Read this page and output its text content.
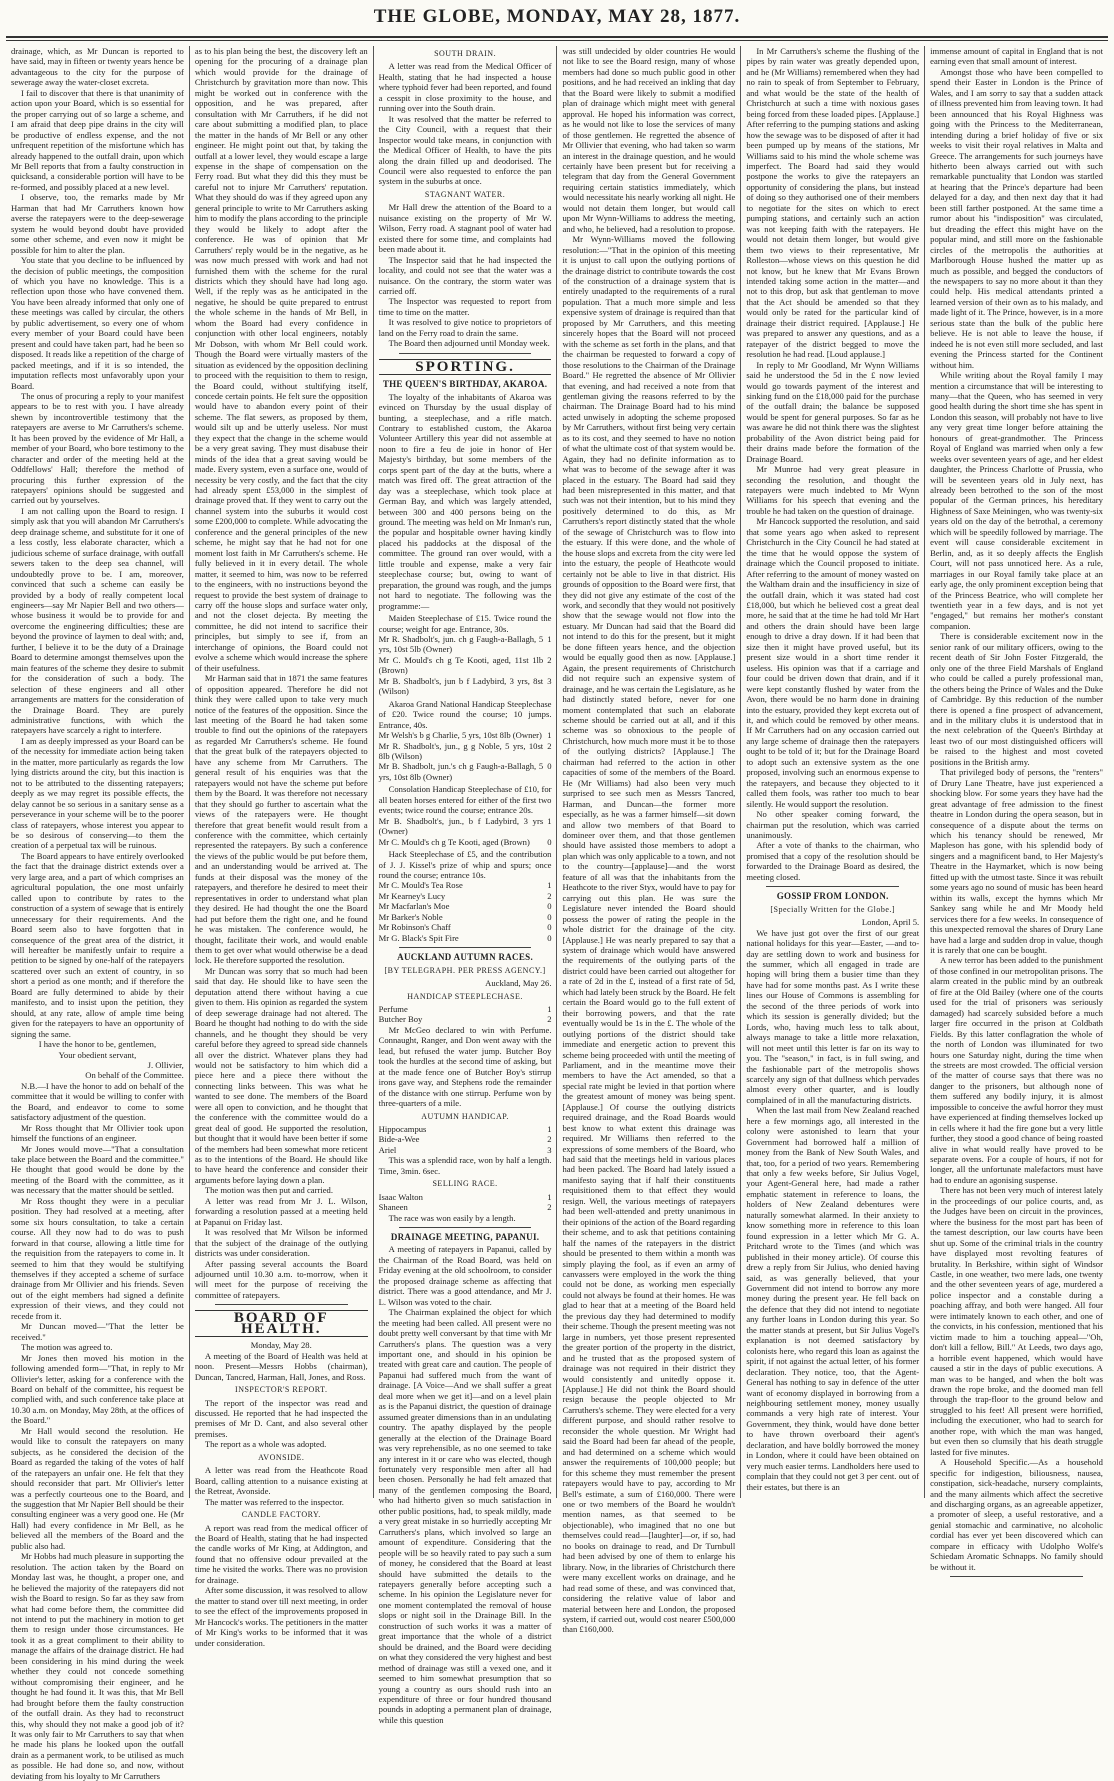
THE GLOBE, MONDAY, MAY 28, 1877.

drainage, which, as Mr Duncan is reported to have said, may in fifteen or twenty years hence be advantageous to the city for the purpose of sewerage away the water-closet excreta.

I fail to discover that there is that unanimity of action upon your Board, which is so essential for the proper carrying out of so large a scheme, and I am afraid that deep pipe drains in the city will be productive of endless expense, and the not unfrequent repetition of the misfortune which has already happened to the outfall drain, upon which Mr Bell reports that from a faulty construction in quicksand, a considerable portion will have to be re-formed, and possibly placed at a new level.

I observe, too, the remarks made by Mr Harman that had Mr Carruthers known how averse the ratepayers were to the deep-sewerage system he would beyond doubt have provided some other scheme, and even now it might be possible for him to alter the plan.

You state that you decline to be influenced by the decision of public meetings, the composition of which you have no knowledge. This is a reflection upon those who have convened them. You have been already informed that only one of these meetings was called by circular, the others by public advertisement, so every one of whom every member of your Board could have been present and could have taken part, had he been so disposed. It reads like a repetition of the charge of packed meetings, and if it is so intended, the imputation reflects most unfavorably upon your Board.

The onus of procuring a reply to your manifest appears to be to rest with you. I have already shewn by incontrovertible testimony that the ratepayers are averse to Mr Carruthers's scheme. It has been proved by the evidence of Mr Hall, a member of your Board, who bore testimony to the character and order of the meeting held at the Oddfellows' Hall; therefore the method of procuring this further expression of the ratepayers' opinions should be suggested and carried out by yourselves.

I am not calling upon the Board to resign. I simply ask that you will abandon Mr Carruthers's deep drainage scheme, and substitute for it one of a less costly, less elaborate character, which a judicious scheme of surface drainage, with outfall sewers taken to the deep sea channel, will undoubtedly prove to be. I am, moreover, convinced that such a scheme can easily be provided by a body of really competent local engineers—say Mr Napier Bell and two others—whose business it would be to provide for and overcome the engineering difficulties; these are beyond the province of laymen to deal with; and, further, I believe it to be the duty of a Drainage Board to determine amongst themselves upon the main features of the scheme they desire to submit for the consideration of such a body. The selection of these engineers and all other arrangements are matters for the consideration of the Drainage Board. They are purely administrative functions, with which the ratepayers have scarcely a right to interfere.

I am as deeply impressed as your Board can be of the necessity for immediate action being taken in the matter, more particularly as regards the low lying districts around the city, but this inaction is not to be attributed to the dissenting ratepayers; deeply as we may regret its possible effects, the delay cannot be so serious in a sanitary sense as a perseverance in your scheme will be to the poorer class of ratepayers, whose interest you appear to be so desirous of conserving—to them the creation of a perpetual tax will be ruinous.

The Board appears to have entirely overlooked the fact that the drainage district extends over a very large area, and a part of which comprises an agricultural population, the one most unfairly called upon to contribute by rates to the construction of a system of sewage that is entirely unnecessary for their requirements. And the Board seem also to have forgotten that in consequence of the great area of the district, it will hereafter be manifestly unfair to require a petition to be signed by one-half of the ratepayers scattered over such an extent of country, in so short a period as one month; and if therefore the Board are fully determined to abide by their manifesto, and to insist upon the petition, they should, at any rate, allow of ample time being given for the ratepayers to have an opportunity of signing the same.

I have the honor to be, gentlemen,

Your obedient servant,

J. Ollivier,

On behalf of the Committee.

N.B.—I have the honor to add on behalf of the committee that it would be willing to confer with the Board, and endeavor to come to some satisfactory adjustment of the question.

Mr Ross thought that Mr Ollivier took upon himself the functions of an engineer.

Mr Jones would move—"That a consultation take place between the Board and the committee." He thought that good would be done by the meeting of the Board with the committee, as it was necessary that the matter should be settled.

Mr Ross thought they were in a peculiar position. They had resolved at a meeting, after some six hours consultation, to take a certain course. All they now had to do was to push forward in that course, allowing a little time for the requisition from the ratepayers to come in. It seemed to him that they would be stultifying themselves if they accepted a scheme of surface drainage from Mr Ollivier and his friends. Seven out of the eight members had signed a definite expression of their views, and they could not recede from it.

Mr Duncan moved—"That the letter be received."

The motion was agreed to.

Mr Jones then moved his motion in the following amended form—"That, in reply to Mr Ollivier's letter, asking for a conference with the Board on behalf of the committee, his request be complied with, and such conference take place at 10.30 a.m. on Monday, May 28th, at the offices of the Board."

Mr Hall would second the resolution. He would like to consult the ratepayers on many subjects, as he considered the decision of the Board as regarded the taking of the votes of half of the ratepayers an unfair one. He felt that they should reconsider that part. Mr Ollivier's letter was a perfectly courteous one to the Board, and the suggestion that Mr Napier Bell should be their consulting engineer was a very good one. He (Mr Hall) had every confidence in Mr Bell, as he believed all the members of the Board and the public also had.

Mr Hobbs had much pleasure in supporting the resolution. The action taken by the Board on Monday last was, he thought, a proper one, and he believed the majority of the ratepayers did not wish the Board to resign. So far as they saw from what had come before them, the committee did not intend to put the machinery in motion to get them to resign under those circumstances. He took it as a great compliment to their ability to manage the affairs of the drainage district. He had been considering in his mind during the week whether they could not concede something without compromising their engineer, and he thought he had found it. It was this, that Mr Bell had brought before them the faulty construction of the outfall drain. As they had to reconstruct this, why should they not make a good job of it? It was only fair to Mr Carruthers to say that when he made his plans he looked upon the outfall drain as a permanent work, to be utilised as much as possible. He had done so, and now, without deviating from his loyalty to Mr Carruthers

as to his plan being the best, the discovery left an opening for the procuring of a drainage plan which would provide for the drainage of Christchurch by gravitation more than now. This might be worked out in conference with the opposition, and he was prepared, after consultation with Mr Carruthers, if he did not care about submitting a modified plan, to place the matter in the hands of Mr Bell or any other engineer. He might point out that, by taking the outfall at a lower level, they would escape a large expense in the shape of compensation on the Ferry road. But what they did this they must be careful not to injure Mr Carruthers' reputation. What they should do was if they agreed upon any general principle to write to Mr Carruthers asking him to modify the plans according to the principle they would be likely to adopt after the conference. He was of opinion that Mr Carruthers' reply would be in the negative, as he was now much pressed with work and had not furnished them with the scheme for the rural districts which they should have had long ago. Well, if the reply was as he anticipated in the negative, he should be quite prepared to entrust the whole scheme in the hands of Mr Bell, in whom the Board had every confidence in conjunction with other local engineers, notably Mr Dobson, with whom Mr Bell could work. Though the Board were virtually masters of the situation as evidenced by the opposition declining to proceed with the requisition to them to resign, the Board could, without stultifying itself, concede certain points. He felt sure the opposition would have to abandon every point of their scheme. The flat sewers, as proposed by them, would silt up and be utterly useless. Nor must they expect that the change in the scheme would be a very great saving. They must disabuse their minds of the idea that a great saving would be made. Every system, even a surface one, would of necessity be very costly, and the fact that the city had already spent £53,000 in the simplest of drainage proved that. If they went to carry out the channel system into the suburbs it would cost some £200,000 to complete. While advocating the conference and the general principles of the new scheme, he might say that he had not for one moment lost faith in Mr Carruthers's scheme. He fully believed in it in every detail. The whole matter, it seemed to him, was now to be referred to the engineers, with no instructions beyond the request to provide the best system of drainage to carry off the house slops and surface water only, and not the closet dejecta. By meeting the committee, he did not intend to sacrifice their principles, but simply to see if, from an interchange of opinions, the Board could not evolve a scheme which would increase the sphere of their usefulness.

Mr Harman said that in 1871 the same features of opposition appeared. Therefore he did not think they were called upon to take very much notice of the features of the opposition. Since the last meeting of the Board he had taken some trouble to find out the opinions of the ratepayers as regarded Mr Carruthers's scheme. He found that the great bulk of the ratepayers objected to have any scheme from Mr Carruthers. The general result of his enquiries was that the ratepayers would not have the scheme put before them by the Board. It was therefore not necessary that they should go further to ascertain what the views of the ratepayers were. He thought therefore that great benefit would result from a conference with the committee, which certainly represented the ratepayers. By such a conference the views of the public would be put before them, and an understanding would be arrived at. The funds at their disposal was the money of the ratepayers, and therefore he desired to meet their representatives in order to understand what plan they desired. He had thought the one the Board had put before them the right one, and he found he was mistaken. The conference would, he thought, facilitate their work, and would enable them to get over what would otherwise be a dead lock. He therefore supported the resolution.

Mr Duncan was sorry that so much had been said that day. He should like to have seen the deputation attend there without having a cue given to them. His opinion as regarded the system of deep sewerage drainage had not altered. The Board he thought had nothing to do with the side channels, and he thought they should be very careful before they agreed to spread side channels all over the district. Whatever plans they had would not be satisfactory to him which did a piece here and a piece there without the connecting links between. This was what he wanted to see done. The members of the Board were all open to conviction, and he thought that the conference with the committee would do a great deal of good. He supported the resolution, but thought that it would have been better if some of the members had been somewhat more reticent as to the intentions of the Board. He should like to have heard the conference and consider their arguments before laying down a plan.

The motion was then put and carried.

A letter was read from Mr J. L. Wilson, forwarding a resolution passed at a meeting held at Papanui on Friday last.

It was resolved that Mr Wilson be informed that the subject of the drainage of the outlying districts was under consideration.

After passing several accounts the Board adjourned until 10.30 a.m. to-morrow, when it will meet for the purpose of receiving the committee of ratepayers.

BOARD OF HEALTH.

Monday, May 28.

A meeting of the Board of Health was held at noon. Present—Messrs Hobbs (chairman), Duncan, Tancred, Harman, Hall, Jones, and Ross.

INSPECTOR'S REPORT.

The report of the inspector was read and discussed. He reported that he had inspected the premises of Mr D. Cant, and also several other premises.

The report as a whole was adopted.

AVONSIDE.

A letter was read from the Heathcote Road Board, calling attention to a nuisance existing at the Retreat, Avonside.

The matter was referred to the inspector.

CANDLE FACTORY.

A report was read from the medical officer of the Board of Health, stating that he had inspected the candle works of Mr King, at Addington, and found that no offensive odour prevailed at the time he visited the works. There was no provision for drainage.

After some discussion, it was resolved to allow the matter to stand over till next meeting, in order to see the effect of the improvements proposed in Mr Hancock's works. The petitioners in the matter of Mr King's works to be informed that it was under consideration.

SOUTH DRAIN.

A letter was read from the Medical Officer of Health, stating that he had inspected a house where typhoid fever had been reported, and found a cesspit in close proximity to the house, and running over into the South drain.

It was resolved that the matter be referred to the City Council, with a request that their Inspector would take means, in conjunction with the Medical Officer of Health, to have the pits along the drain filled up and deodorised. The Council were also requested to enforce the pan system in the suburbs at once.

STAGNANT WATER.

Mr Hall drew the attention of the Board to a nuisance existing on the property of Mr W. Wilson, Ferry road. A stagnant pool of water had existed there for some time, and complaints had been made about it.

The Inspector said that he had inspected the locality, and could not see that the water was a nuisance. On the contrary, the storm water was carried off.

The Inspector was requested to report from time to time on the matter.

It was resolved to give notice to proprietors of land on the Ferry road to drain the same.

The Board then adjourned until Monday week.

SPORTING.
THE QUEEN'S BIRTHDAY, AKAROA.

The loyalty of the inhabitants of Akaroa was evinced on Thursday by the usual display of bunting, a steeplechase, and a rifle match. Contrary to established custom, the Akaroa Volunteer Artillery this year did not assemble at noon to fire a feu de joie in honor of Her Majesty's birthday, but some members of the corps spent part of the day at the butts, where a match was fired off. The great attraction of the day was a steeplechase, which took place at German Bay, and which was largely attended, between 300 and 400 persons being on the ground. The meeting was held on Mr Inman's run, the popular and hospitable owner having kindly placed his paddocks at the disposal of the committee. The ground ran over would, with a little trouble and expense, make a very fair steeplechase course; but, owing to want of preparation, the ground was rough, and the jumps not hard to negotiate. The following was the programme:—

Maiden Steeplechase of £15. Twice round the course; weight for age. Entrance, 30s.

Mr R. Shadbolt's, jun. ch g Faugh-a-Ballagh, 5 yrs, 10st 5lb (Owner)
1
Mr C. Mould's ch g Te Kooti, aged, 11st 1lb (Brown)
2
Mr B. Shadbolt's, jun b f Ladybird, 3 yrs, 8st (Wilson)
3

Akaroa Grand National Handicap Steeplechase of £20. Twice round the course; 10 jumps. Entrance, 40s.

Mr Welsh's b g Charlie, 5 yrs, 10st 8lb (Owner) 1
Mr R. Shadbolt's, jun., g g Noble, 5 yrs, 10st 8lb (Wilson)
2
Mr B. Shadbolt, jun.'s ch g Faugh-a-Ballagh, 5 yrs, 10st 8lb (Owner)
0

Consolation Handicap Steeplechase of £10, for all beaten horses entered for either of the first two events; twice round the course; entrance 20s.

Mr B. Shadbolt's, jun., b f Ladybird, 3 yrs (Owner)
1
Mr C. Mould's ch g Te Kooti, aged (Brown)	0

Hack Steeplechase of £5, and the contribution of J. J. Kissel's prize of whip and spurs; once round the course; entrance 10s.

Mr C. Mould's Tea Rose	1
Mr Kearney's Lucy	2
Mr Macfarlan's Moe	0
Mr Barker's Noble	0
Mr Robinson's Chaff	0
Mr G. Black's Spit Fire	0
AUCKLAND AUTUMN RACES.
[BY TELEGRAPH. PER PRESS AGENCY.]

Auckland, May 26.

HANDICAP STEEPLECHASE.
Perfume	1
Butcher Boy	2

Mr McGeo declared to win with Perfume. Connaught, Ranger, and Don went away with the lead, but refused the water jump. Butcher Boy took the hurdles at the second time of asking, but at the made fence one of Butcher Boy's stirrup irons gave way, and Stephens rode the remainder of the distance with one stirrup. Perfume won by three-quarters of a mile.

AUTUMN HANDICAP.
Hippocampus	1
Bide-a-Wee	2
Ariel	3

This was a splendid race, won by half a length. Time, 3min. 6sec.

SELLING RACE.
Isaac Walton	1
Shaneen	2

The race was won easily by a length.

DRAINAGE MEETING, PAPANUI.

A meeting of ratepayers in Papanui, called by the Chairman of the Road Board, was held on Friday evening at the old schoolroom, to consider the proposed drainage scheme as affecting that district. There was a good attendance, and Mr J. L. Wilson was voted to the chair.

The Chairman explained the object for which the meeting had been called. All present were no doubt pretty well conversant by that time with Mr Carruthers's plans. The question was a very important one, and should in his opinion be treated with great care and caution. The people of Papanui had suffered much from the want of drainage. [A Voice—And we shall suffer a great deal more when we get it]—and on a level plain as is the Papanui district, the question of drainage assumed greater dimensions than in an undulating country. The apathy displayed by the people generally at the election of the Drainage Board was very reprehensible, as no one seemed to take any interest in it or care who was elected, though fortunately very responsible men after all had been chosen. Personally he had felt amazed that many of the gentlemen composing the Board, who had hitherto given so much satisfaction in other public positions, had, to speak mildly, made a very great mistake in so hurriedly accepting Mr Carruthers's plans, which involved so large an amount of expenditure. Considering that the people will be so heavily rated to pay such a sum of money, he considered that the Board at least should have submitted the details to the ratepayers generally before accepting such a scheme. In his opinion the Legislature never for one moment contemplated the removal of house slops or night soil in the Drainage Bill. In the construction of such works it was a matter of great importance that the whole of a district should be drained, and the Board were deciding on what they considered the very highest and best method of drainage was still a vexed one, and it seemed to him somewhat presumption that so young a country as ours should rush into an expenditure of three or four hundred thousand pounds in adopting a permanent plan of drainage, while this question

was still undecided by older countries He would not like to see the Board resign, many of whose members had done so much public good in other positions, and he had received an inkling that day that the Board were likely to submit a modified plan of drainage which might meet with general approval. He hoped his information was correct, as he would not like to lose the services of many of those gentlemen. He regretted the absence of Mr Ollivier that evening, who had taken so warm an interest in the drainage question, and he would certainly have been present but for receiving a telegram that day from the General Government requiring certain statistics immediately, which would necessitate his nearly working all night. He would not detain them longer, but would call upon Mr Wynn-Williams to address the meeting, and who, he believed, had a resolution to propose.

Mr Wynn-Williams moved the following resolution:—"That in the opinion of this meeting it is unjust to call upon the outlying portions of the drainage district to contribute towards the cost of the construction of a drainage system that is entirely unadapted to the requirements of a rural population. That a much more simple and less expensive system of drainage is required than that proposed by Mr Carruthers, and this meeting sincerely hopes that the Board will not proceed with the scheme as set forth in the plans, and that the chairman be requested to forward a copy of those resolutions to the Chairman of the Drainage Board." He regretted the absence of Mr Ollivier that evening, and had received a note from that gentleman giving the reasons referred to by the chairman. The Drainage Board had to his mind acted unwisely in adopting the scheme proposed by Mr Carruthers, without first being very certain as to its cost, and they seemed to have no notion of what the ultimate cost of that system would be. Again, they had no definite information as to what was to become of the sewage after it was placed in the estuary. The Board had said they had been misrepresented in this matter, and that such was not their intention, but to his mind they positively determined to do this, as Mr Carruthers's report distinctly stated that the whole of the sewage of Christchurch was to flow into the estuary. If this were done, and the whole of the house slops and excreta from the city were led into the estuary, the people of Heathcote would certainly not be able to live in that district. His grounds of opposition to the Board were first, that they did not give any estimate of the cost of the work, and secondly that they would not positively show that the sewage would not flow into the estuary. Mr Duncan had said that the Board did not intend to do this for the present, but it might be done fifteen years hence, and the objection would be equally good then as now. [Applause.] Again, the present requirements of Christchurch did not require such an expensive system of drainage, and he was certain the Legislature, as he had distinctly stated before, never for one moment contemplated that such an elaborate scheme should be carried out at all, and if this scheme was so obnoxious to the people of Christchurch, how much more must it be to those of the outlying districts? [Applause.] The chairman had referred to the action in other capacities of some of the members of the Board. He (Mr Williams) had also been very much surprised to see such men as Messrs Tancred, Harman, and Duncan—the former more especially, as he was a farmer himself—sit down and allow two members of that Board to domineer over them, and that those gentlemen should have assisted those members to adopt a plan which was only applicable to a town, and not to the country—[applause]—and the worst feature of all was that the inhabitants from the Heathcote to the river Styx, would have to pay for carrying out this plan. He was sure the Legislature never intended the Board should possess the power of rating the people in the whole district for the drainage of the city. [Applause.] He was nearly prepared to say that a system of drainage which would have answered the requirements of the outlying parts of the district could have been carried out altogether for a rate of 2d in the £, instead of a first rate of 5d, which had lately been struck by the Board. He felt certain the Board would go to the full extent of their borrowing powers, and that the rate eventually would be 1s in the £. The whole of the outlying portions of the district should take immediate and energetic action to prevent this scheme being proceeded with until the meeting of Parliament, and in the meantime move their members to have the Act amended, so that a special rate might be levied in that portion where the greatest amount of money was being spent. [Applause.] Of course the outlying districts required drainage, and the Road Boards would best know to what extent this drainage was required. Mr Williams then referred to the expressions of some members of the Board, who had said that the meetings held in various places had been packed. The Board had lately issued a manifesto saying that if half their constituents requisitioned them to that effect they would resign. Well, the various meetings of ratepayers had been well-attended and pretty unanimous in their opinions of the action of the Board regarding their scheme, and to ask that petitions containing half the names of the ratepayers in the district should be presented to them within a month was simply playing the fool, as if even an army of canvassers were employed in the work the thing could not be done, as working men especially could not always be found at their homes. He was glad to hear that at a meeting of the Board held the previous day they had determined to modify their scheme. Though the present meeting was not large in numbers, yet those present represented the greater portion of the property in the district, and he trusted that as the proposed system of drainage was not required in their district they would consistently and unitedly oppose it. [Applause.] He did not think the Board should resign because the people objected to Mr Carruthers's scheme. They were elected for a very different purpose, and should rather resolve to reconsider the whole question. Mr Wright had said the Board had been far ahead of the people, and had determined on a scheme which would answer the requirements of 100,000 people; but for this scheme they must remember the present ratepayers would have to pay, according to Mr Bell's estimate, a sum of £160,000. There were one or two members of the Board he wouldn't mention names, as that seemed to be objectionable), who imagined that no one but themselves could read—[laughter]—or, if so, had no books on drainage to read, and Dr Turnbull had been advised by one of them to enlarge his library. Now, in the libraries of Christchurch there were many excellent works on drainage, and he had read some of these, and was convinced that, considering the relative value of labor and material between here and London, the proposed system, if carried out, would cost nearer £500,000 than £160,000.

In Mr Carruthers's scheme the flushing of the pipes by rain water was greatly depended upon, and he (Mr Williams) remembered when they had no rain to speak of from September to February, and what would be the state of the health of Christchurch at such a time with noxious gases being forced from these loaded pipes. [Applause.] After referring to the pumping stations and asking how the sewage was to be disposed of after it had been pumped up by means of the stations, Mr Williams said to his mind the whole scheme was imperfect. The Board had said they would postpone the works to give the ratepayers an opportunity of considering the plans, but instead of doing so they authorised one of their members to negotiate for the sites on which to erect pumping stations, and certainly such an action was not keeping faith with the ratepayers. He would not detain them longer, but would give them two views to their representative, Mr Rolleston—whose views on this question he did not know, but he knew that Mr Evans Brown intended taking some action in the matter—and not to this drop, but ask that gentleman to move that the Act should be amended so that they would only be rated for the particular kind of drainage their district required. [Applause.] He was prepared to answer any questions, and as a ratepayer of the district begged to move the resolution he had read. [Loud applause.]

In reply to Mr Goodland, Mr Wynn Williams said he understood the 5d in the £ now levied would go towards payment of the interest and sinking fund on the £18,000 paid for the purchase of the outfall drain; the balance be supposed would be spent for general purposes. So far as he was aware he did not think there was the slightest probability of the Avon district being paid for their drains made before the formation of the Drainage Board.

Mr Munroe had very great pleasure in seconding the resolution, and thought the ratepayers were much indebted to Mr Wynn Williams for his speech that evening and the trouble he had taken on the question of drainage.

Mr Hancock supported the resolution, and said that some years ago when asked to represent Christchurch in the City Council he had stated at the time that he would oppose the system of drainage which the Council proposed to initiate. After referring to the amount of money wasted on the Waltham drain and the insufficiency in size of the outfall drain, which it was stated had cost £18,000, but which he believed cost a great deal more, he said that at the time he had told Mr Hart and others the drain should have been large enough to drive a dray down. If it had been that size then it might have proved useful, but its present size would in a short time render it useless. His opinion was that if a carriage and four could be driven down that drain, and if it were kept constantly flushed by water from the Avon, there would be no harm done in draining into the estuary, provided they kept excreta out of it, and which could be removed by other means. If Mr Carruthers had on any occasion carried out any large scheme of drainage then the ratepayers ought to be told of it; but for the Drainage Board to adopt such an extensive system as the one proposed, involving such an enormous expense to the ratepayers, and because they objected to it called them fools, was rather too much to bear silently. He would support the resolution.

No other speaker coming forward, the chairman put the resolution, which was carried unanimously.

After a vote of thanks to the chairman, who promised that a copy of the resolution should be forwarded to the Drainage Board as desired, the meeting closed.

GOSSIP FROM LONDON.
[Specially Written for the Globe.]

London, April 5.

We have just got over the first of our great national holidays for this year—Easter, —and to-day are settling down to work and business for the summer, which all engaged in trade are hoping will bring them a busier time than they have had for some months past. As I write these lines our House of Commons is assembling for the second of the three periods of work into which its session is generally divided; but the Lords, who, having much less to talk about, always manage to take a little more relaxation, will not meet until this letter is far on its way to you. The "season," in fact, is in full swing, and the fashionable part of the metropolis shows scarcely any sign of that dullness which pervades almost every other quarter, and is loudly complained of in all the manufacturing districts.

When the last mail from New Zealand reached here a few mornings ago, all interested in the colony were astonished to learn that your Government had borrowed half a million of money from the Bank of New South Wales, and that, too, for a period of two years. Remembering that only a few weeks before, Sir Julius Vogel, your Agent-General here, had made a rather emphatic statement in reference to loans, the holders of New Zealand debentures were naturally somewhat alarmed. In their anxiety to know something more in reference to this loan found expression in a letter which Mr G. A. Pritchard wrote to the Times (and which was published in their money article). Of course this drew a reply from Sir Julius, who denied having said, as was generally believed, that your Government did not intend to borrow any more money during the present year. He fell back on the defence that they did not intend to negotiate any further loans in London during this year. So the matter stands at present, but Sir Julius Vogel's explanation is not deemed satisfactory by colonists here, who regard this loan as against the spirit, if not against the actual letter, of his former declaration. They notice, too, that the Agent-General has nothing to say in defence of the utter want of economy displayed in borrowing from a neighbouring settlement money, money usually commands a very high rate of interest. Your Government, they think, would have done better to have thrown overboard their agent's declaration, and have boldly borrowed the money in London, where it could have been obtained on very much easier terms. Landholders here used to complain that they could not get 3 per cent. out of their estates, but there is an

immense amount of capital in England that is not earning even that small amount of interest.

Amongst those who have been compelled to spend their Easter in London is the Prince of Wales, and I am sorry to say that a sudden attack of illness prevented him from leaving town. It had been announced that his Royal Highness was going with the Princess to the Mediterranean, intending during a brief holiday of five or six weeks to visit their royal relatives in Malta and Greece. The arrangements for such journeys have hitherto been always carried out with such remarkable punctuality that London was startled at hearing that the Prince's departure had been delayed for a day, and then next day that it had been still farther postponed. At the same time a rumor about his "indisposition" was circulated, but dreading the effect this might have on the popular mind, and still more on the fashionable circles of the metropolis the authorities at Marlborough House hushed the matter up as much as possible, and begged the conductors of the newspapers to say no more about it than they could help. His medical attendants printed a learned version of their own as to his malady, and made light of it. The Prince, however, is in a more serious state than the bulk of the public here believe. He is not able to leave the house, if indeed he is not even still more secluded, and last evening the Princess started for the Continent without him.

While writing about the Royal family I may mention a circumstance that will be interesting to many—that the Queen, who has seemed in very good health during the short time she has spent in London this season, will probably not have to live any very great time longer before attaining the honours of great-grandmother. The Princess Royal of England was married when only a few weeks over seventeen years of age, and her eldest daughter, the Princess Charlotte of Prussia, who will be seventeen years old in July next, has already been betrothed to the son of the most popular of the German princes, his hereditary Highness of Saxe Meiningen, who was twenty-six years old on the day of the betrothal, a ceremony which will be speedily followed by marriage. The event will cause considerable excitement in Berlin, and, as it so deeply affects the English Court, will not pass unnoticed here. As a rule, marriages in our Royal family take place at an early age, the only prominent exception being that of the Princess Beatrice, who will complete her twentieth year in a few days, and is not yet "engaged," but remains her mother's constant companion.

There is considerable excitement now in the senior rank of our military officers, owing to the recent death of Sir John Foster Fitzgerald, the only one of the three Field Marshals of England who could be called a purely professional man, the others being the Prince of Wales and the Duke of Cambridge. By this reduction of the number there is opened a fine prospect of advancement, and in the military clubs it is understood that in the next celebration of the Queen's Birthday at least two of our most distinguished officers will be raised to the highest and most coveted positions in the British army.

That privileged body of persons, the "renters" of Drury Lane Theatre, have just experienced a shocking blow. For some years they have had the great advantage of free admission to the finest theatre in London during the opera season, but in consequence of a dispute about the terms on which his tenancy should be renewed, Mr Mapleson has gone, with his splendid body of singers and a magnificent band, to Her Majesty's Theatre in the Haymarket, which is now being fitted up with the utmost taste. Since it was rebuilt some years ago no sound of music has been heard within its walls, except the hymns which Mr Sankey sang while he and Mr Moody held services there for a few weeks. In consequence of this unexpected removal the shares of Drury Lane have had a large and sudden drop in value, though it is rarely that one can be bought.

A new terror has been added to the punishment of those confined in our metropolitan prisons. The alarm created in the public mind by an outbreak of fire at the Old Bailey (where one of the courts used for the trial of prisoners was seriously damaged) had scarcely subsided before a much larger fire occurred in the prison at Coldbath Fields. By this latter conflagration the whole of the north of London was illuminated for two hours one Saturday night, during the time when the streets are most crowded. The official version of the matter of course says that there was no danger to the prisoners, but although none of them suffered any bodily injury, it is almost impossible to conceive the awful horror they must have experienced at finding themselves locked up in cells where it had the fire gone but a very little further, they stood a good chance of being roasted alive in what would really have proved to be separate ovens. For a couple of hours, if not for longer, all the unfortunate malefactors must have had to endure an agonising suspense.

There has not been very much of interest lately in the proceedings of our police courts, and, as the Judges have been on circuit in the provinces, where the business for the most part has been of the tamest description, our law courts have been shut up. Some of the criminal trials in the country have displayed most revolting features of brutality. In Berkshire, within sight of Windsor Castle, in one weather, two mere lads, one twenty and the other seventeen years of age, murdered a police inspector and a constable during a poaching affray, and both were hanged. All four were intimately known to each other, and one of the convicts, in his confession, mentioned that his victim made to him a touching appeal—"Oh, don't kill a fellow, Bill." At Leeds, two days ago, a horrible event happened, which would have caused a stir in the days of public executions. A man was to be hanged, and when the bolt was drawn the rope broke, and the doomed man fell through the trap-floor to the ground below and struggled to his feet! All present were horrified, including the executioner, who had to search for another rope, with which the man was hanged, but even then so clumsily that his death struggle lasted for five minutes.

A Household Specific.—As a household specific for indigestion, biliousness, nausea, constipation, sick-headache, nursery complaints, and the many ailments which affect the secretive and discharging organs, as an agreeable appetizer, a promoter of sleep, a useful restorative, and a genial stomachic and carminative, no alcoholic cordial has ever yet been discovered which can compare in efficacy with Udolpho Wolfe's Schiedam Aromatic Schnapps. No family should be without it.
